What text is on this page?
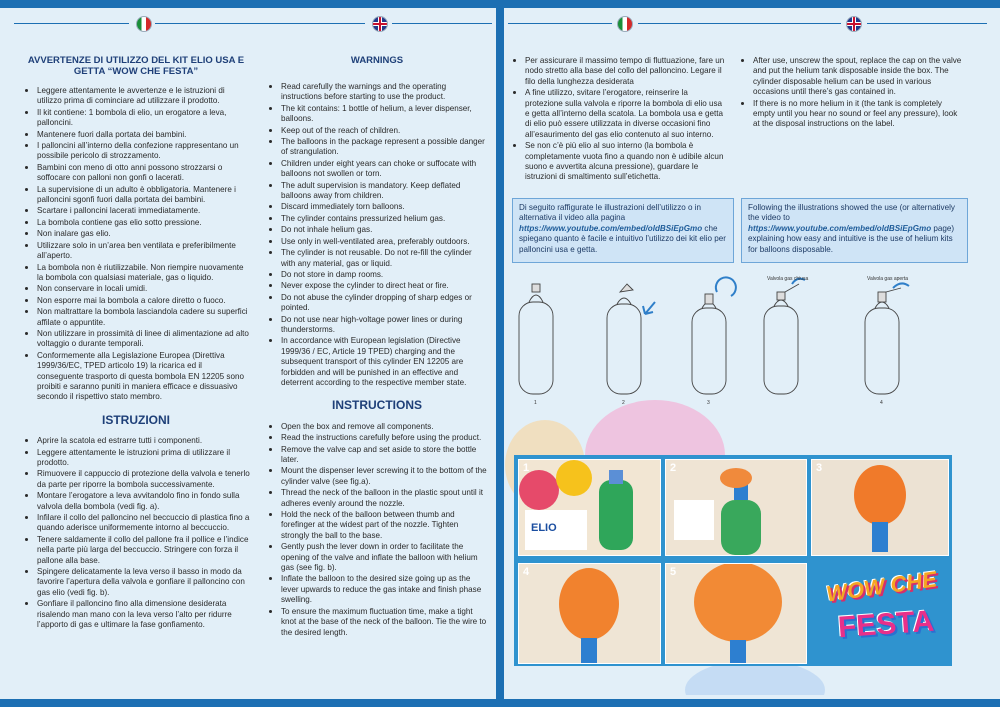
AVVERTENZE DI UTILIZZO DEL KIT ELIO USA E GETTA “WOW CHE FESTA”
• Leggere attentamente le avvertenze e le istruzioni di utilizzo prima di cominciare ad utilizzare il prodotto.
• Il kit contiene: 1 bombola di elio, un erogatore a leva, palloncini.
• Mantenere fuori dalla portata dei bambini.
• I palloncini all’interno della confezione rappresentano un possibile pericolo di strozzamento.
• Bambini con meno di otto anni possono strozzarsi o soffocare con palloni non gonfi o lacerati.
• La supervisione di un adulto è obbligatoria. Mantenere i palloncini sgonfi fuori dalla portata dei bambini.
• Scartare i palloncini lacerati immediatamente.
• La bombola contiene gas elio sotto pressione.
• Non inalare gas elio.
• Utilizzare solo in un’area ben ventilata e preferibilmente all’aperto.
• La bombola non è riutilizzabile. Non riempire nuovamente la bombola con qualsiasi materiale, gas o liquido.
• Non conservare in locali umidi.
• Non esporre mai la bombola a calore diretto o fuoco.
• Non maltrattare la bombola lasciandola cadere su superfici affilate o appuntite.
• Non utilizzare in prossimità di linee di alimentazione ad alto voltaggio o durante temporali.
• Conformemente alla Legislazione Europea (Direttiva 1999/36/EC, TPED articolo 19) la ricarica ed il conseguente trasporto di questa bombola EN 12205 sono proibiti e saranno puniti in maniera efficace e dissuasivo secondo il rispettivo stato membro.
ISTRUZIONI
• Aprire la scatola ed estrarre tutti i componenti.
• Leggere attentamente le istruzioni prima di utilizzare il prodotto.
• Rimuovere il cappuccio di protezione della valvola e tenerlo da parte per riporre la bombola successivamente.
• Montare l’erogatore a leva avvitandolo fino in fondo sulla valvola della bombola (vedi fig. a).
• Infilare il collo del palloncino nel beccuccio di plastica fino a quando aderisce uniformemente intorno al beccuccio.
• Tenere saldamente il collo del pallone fra il pollice e l’indice nella parte più larga del beccuccio. Stringere con forza il pallone alla base.
• Spingere delicatamente la leva verso il basso in modo da favorire l’apertura della valvola e gonfiare il palloncino con gas elio (vedi fig. b).
• Gonfiare il palloncino fino alla dimensione desiderata risalendo man mano con la leva verso l’alto per ridurre l’apporto di gas e ultimare la fase gonfiamento.
WARNINGS
• Read carefully the warnings and the operating instructions before starting to use the product.
• The kit contains: 1 bottle of helium, a lever dispenser, balloons.
• Keep out of the reach of children.
• The balloons in the package represent a possible danger of strangulation.
• Children under eight years can choke or suffocate with balloons not swollen or torn.
• The adult supervision is mandatory. Keep deflated balloons away from children.
• Discard immediately torn balloons.
• The cylinder contains pressurized helium gas.
• Do not inhale helium gas.
• Use only in well-ventilated area, preferably outdoors.
• The cylinder is not reusable. Do not re-fill the cylinder with any material, gas or liquid.
• Do not store in damp rooms.
• Never expose the cylinder to direct heat or fire.
• Do not abuse the cylinder dropping of sharp edges or pointed.
• Do not use near high-voltage power lines or during thunderstorms.
• In accordance with European legislation (Directive 1999/36 / EC, Article 19 TPED) charging and the subsequent transport of this cylinder EN 12205 are forbidden and will be punished in an effective and deterrent according to the respective member state.
INSTRUCTIONS
• Open the box and remove all components.
• Read the instructions carefully before using the product.
• Remove the valve cap and set aside to store the bottle later.
• Mount the dispenser lever screwing it to the bottom of the cylinder valve (see fig.a).
• Thread the neck of the balloon in the plastic spout until it adheres evenly around the nozzle.
• Hold the neck of the balloon between thumb and forefinger at the widest part of the nozzle. Tighten strongly the ball to the base.
• Gently push the lever down in order to facilitate the opening of the valve and inflate the balloon with helium gas (see fig. b).
• Inflate the balloon to the desired size going up as the lever upwards to reduce the gas intake and finish phase swelling.
• To ensure the maximum fluctuation time, make a tight knot at the base of the neck of the balloon. Tie the wire to the desired length.
• Per assicurare il massimo tempo di fluttuazione, fare un nodo stretto alla base del collo del palloncino. Legare il filo della lunghezza desiderata
• A fine utilizzo, svitare l’erogatore, reinserire la protezione sulla valvola e riporre la bombola di elio usa e getta all’interno della scatola. La bombola usa e getta di elio può essere utilizzata in diverse occasioni fino all’esaurimento del gas elio contenuto al suo interno.
• Se non c’è più elio al suo interno (la bombola è completamente vuota fino a quando non è udibile alcun suono e avvertita alcuna pressione), guardare le istruzioni di smaltimento sull’etichetta.
• After use, unscrew the spout, replace the cap on the valve and put the helium tank disposable inside the box. The cylinder disposable helium can be used in various occasions until there’s gas contained in.
• If there is no more helium in it (the tank is completely empty until you hear no sound or feel any pressure), look at the disposal instructions on the label.
Di seguito raffigurate le illustrazioni dell’utilizzo o in alternativa il video alla pagina https://www.youtube.com/embed/oldBSiEpGmo che spiegano quanto è facile e intuitivo l’utilizzo dei kit elio per palloncini usa e getta.
Following the illustrations showed the use (or alternatively the video to https://www.youtube.com/embed/oldBSiEpGmo page) explaining how easy and intuitive is the use of helium kits for balloons disposable.
Valvola gas chiusa	Valvola gas aperta
1	2	3	4
ELIO
1	2	3
4	5	WOW CHE
FESTA
